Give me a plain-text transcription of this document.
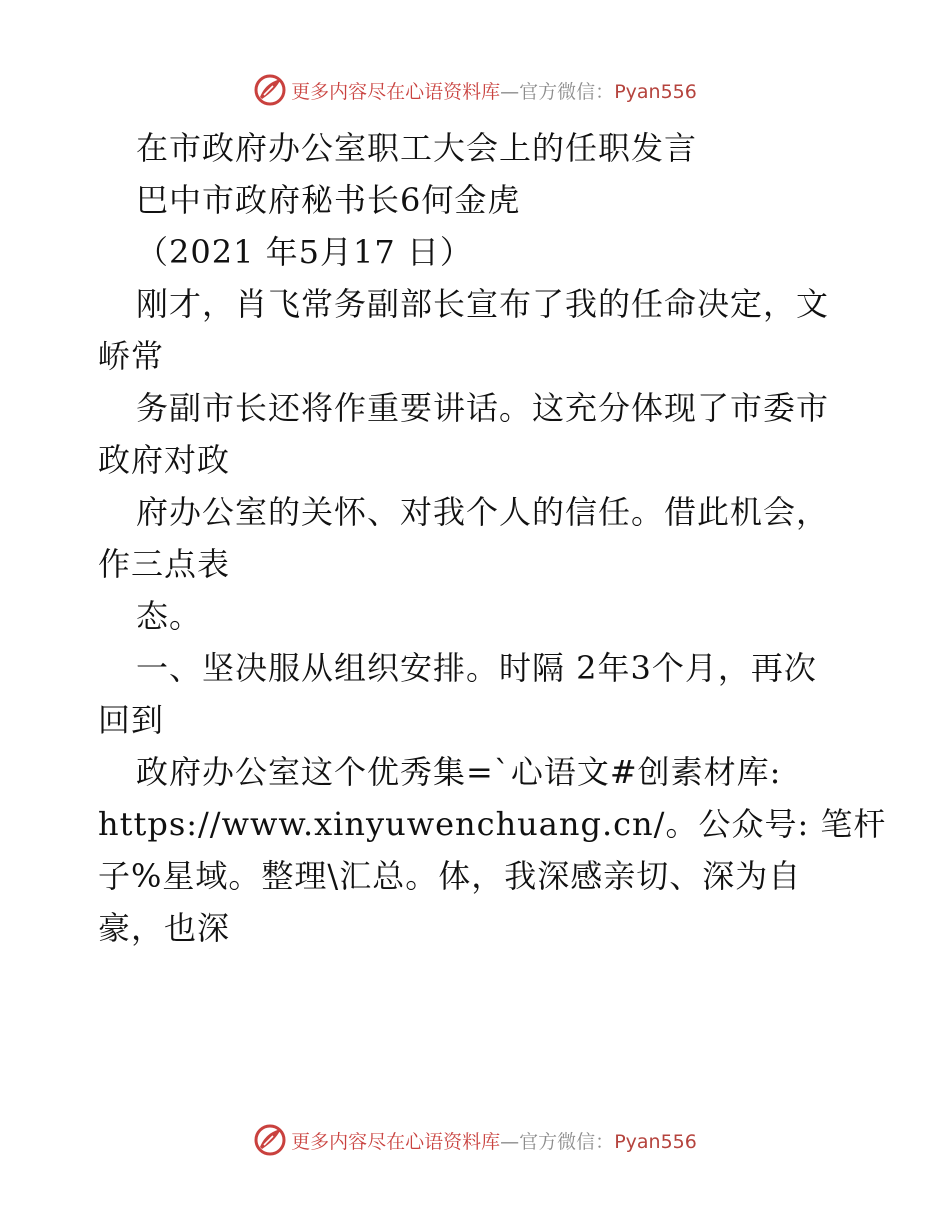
更多内容尽在心语资料库—官方微信：Pyan556
在市政府办公室职工大会上的任职发言
巴中市政府秘书长6何金虎
（2021 年5月17 日）
刚才，肖飞常务副部长宣布了我的任命决定，文
峤常
务副市长还将作重要讲话。这充分体现了市委市
政府对政
府办公室的关怀、对我个人的信任。借此机会，
作三点表
态。
一、坚决服从组织安排。时隔 2年3个月，再次
回到
政府办公室这个优秀集=`心语文#创素材库:
https://www.xinyuwenchuang.cn/。公众号: 笔杆
子%星域。整理\汇总。体，我深感亲切、深为自
豪，也深
更多内容尽在心语资料库—官方微信：Pyan556
